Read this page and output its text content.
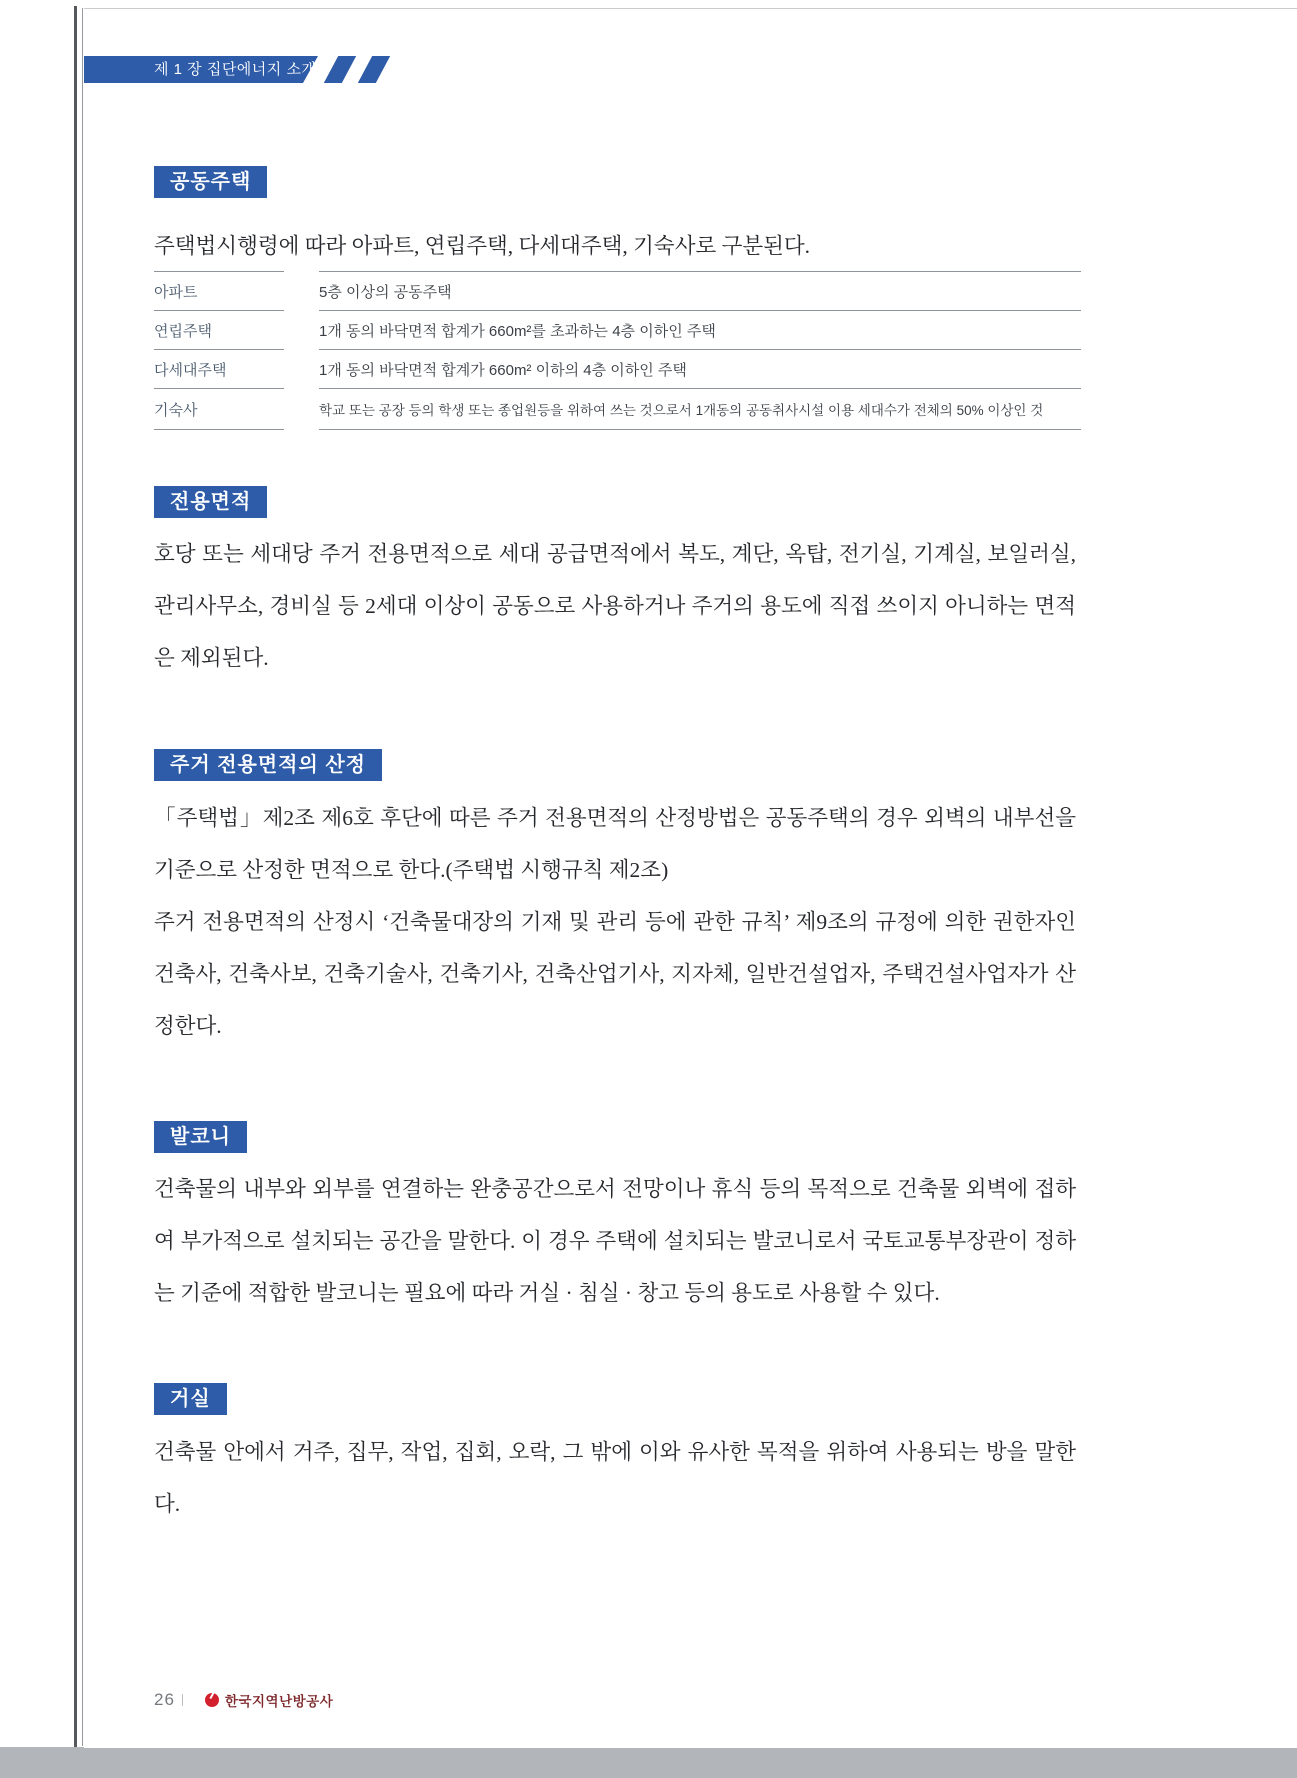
제 1 장 집단에너지 소개
공동주택
주택법시행령에 따라 아파트, 연립주택, 다세대주택, 기숙사로 구분된다.
아파트	5층 이상의 공동주택
연립주택	1개 동의 바닥면적 합계가 660m²를 초과하는 4층 이하인 주택
다세대주택	1개 동의 바닥면적 합계가 660m² 이하의 4층 이하인 주택
기숙사	학교 또는 공장 등의 학생 또는 종업원등을 위하여 쓰는 것으로서 1개동의 공동취사시설 이용 세대수가 전체의 50% 이상인 것
전용면적
호당 또는 세대당 주거 전용면적으로 세대 공급면적에서 복도, 계단, 옥탑, 전기실, 기계실, 보일러실, 관리사무소, 경비실 등 2세대 이상이 공동으로 사용하거나 주거의 용도에 직접 쓰이지 아니하는 면적은 제외된다.
주거 전용면적의 산정

「주택법」제2조 제6호 후단에 따른 주거 전용면적의 산정방법은 공동주택의 경우 외벽의 내부선을 기준으로 산정한 면적으로 한다.(주택법 시행규칙 제2조)

주거 전용면적의 산정시 ‘건축물대장의 기재 및 관리 등에 관한 규칙’ 제9조의 규정에 의한 권한자인 건축사, 건축사보, 건축기술사, 건축기사, 건축산업기사, 지자체, 일반건설업자, 주택건설사업자가 산정한다.

발코니
건축물의 내부와 외부를 연결하는 완충공간으로서 전망이나 휴식 등의 목적으로 건축물 외벽에 접하여 부가적으로 설치되는 공간을 말한다. 이 경우 주택에 설치되는 발코니로서 국토교통부장관이 정하는 기준에 적합한 발코니는 필요에 따라 거실 · 침실 · 창고 등의 용도로 사용할 수 있다.
거실
건축물 안에서 거주, 집무, 작업, 집회, 오락, 그 밖에 이와 유사한 목적을 위하여 사용되는 방을 말한다.
26	한국지역난방공사
